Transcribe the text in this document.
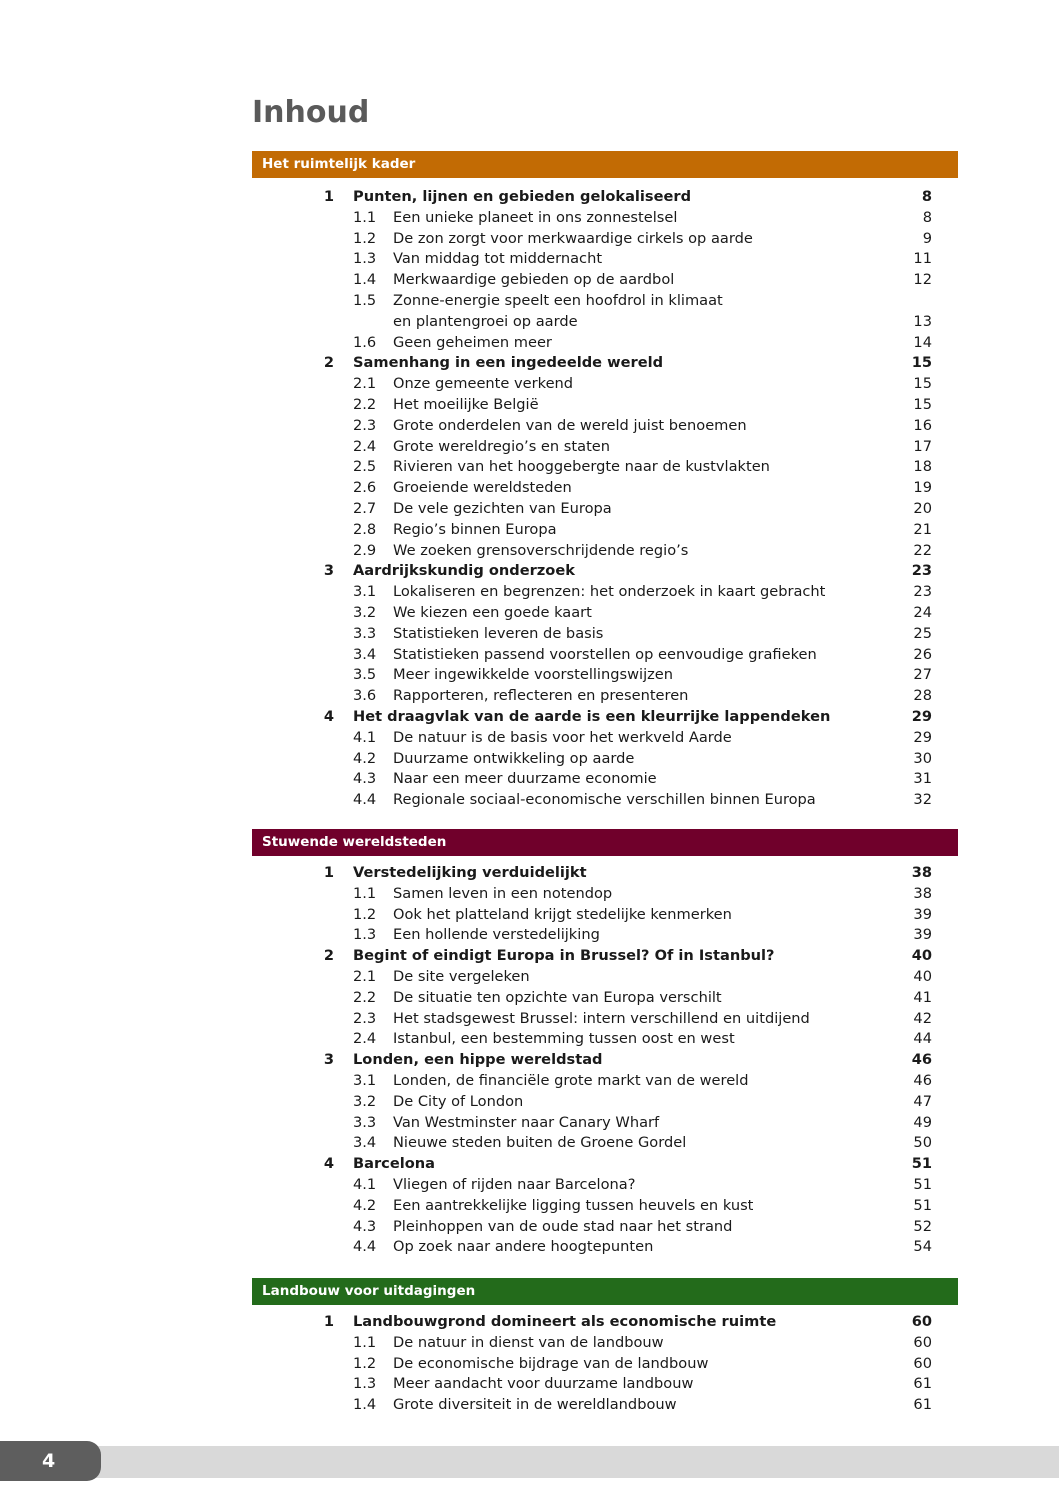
Inhoud
Het ruimtelijk kader
1 Punten, lijnen en gebieden gelokaliseerd	8
1.1 Een unieke planeet in ons zonnestelsel	8
1.2 De zon zorgt voor merkwaardige cirkels op aarde	9
1.3 Van middag tot middernacht	11
1.4 Merkwaardige gebieden op de aardbol	12
1.5 Zonne-energie speelt een hoofdrol in klimaat
en plantengroei op aarde	13
1.6 Geen geheimen meer	14
2 Samenhang in een ingedeelde wereld	15
2.1 Onze gemeente verkend	15
2.2 Het moeilijke België	15
2.3 Grote onderdelen van de wereld juist benoemen	16
2.4 Grote wereldregio’s en staten	17
2.5 Rivieren van het hooggebergte naar de kustvlakten	18
2.6 Groeiende wereldsteden	19
2.7 De vele gezichten van Europa	20
2.8 Regio’s binnen Europa	21
2.9 We zoeken grensoverschrijdende regio’s	22
3 Aardrijkskundig onderzoek	23
3.1 Lokaliseren en begrenzen: het onderzoek in kaart gebracht	23
3.2 We kiezen een goede kaart	24
3.3 Statistieken leveren de basis	25
3.4 Statistieken passend voorstellen op eenvoudige grafieken	26
3.5 Meer ingewikkelde voorstellingswijzen	27
3.6 Rapporteren, reflecteren en presenteren	28
4 Het draagvlak van de aarde is een kleurrijke lappendeken	29
4.1 De natuur is de basis voor het werkveld Aarde	29
4.2 Duurzame ontwikkeling op aarde	30
4.3 Naar een meer duurzame economie	31
4.4 Regionale sociaal-economische verschillen binnen Europa	32
Stuwende wereldsteden
1 Verstedelijking verduidelijkt	38
1.1 Samen leven in een notendop	38
1.2 Ook het platteland krijgt stedelijke kenmerken	39
1.3 Een hollende verstedelijking	39
2 Begint of eindigt Europa in Brussel? Of in Istanbul?	40
2.1 De site vergeleken	40
2.2 De situatie ten opzichte van Europa verschilt	41
2.3 Het stadsgewest Brussel: intern verschillend en uitdijend	42
2.4 Istanbul, een bestemming tussen oost en west	44
3 Londen, een hippe wereldstad	46
3.1 Londen, de financiële grote markt van de wereld	46
3.2 De City of London	47
3.3 Van Westminster naar Canary Wharf	49
3.4 Nieuwe steden buiten de Groene Gordel	50
4 Barcelona	51
4.1 Vliegen of rijden naar Barcelona?	51
4.2 Een aantrekkelijke ligging tussen heuvels en kust	51
4.3 Pleinhoppen van de oude stad naar het strand	52
4.4 Op zoek naar andere hoogtepunten	54
Landbouw voor uitdagingen
1 Landbouwgrond domineert als economische ruimte	60
1.1 De natuur in dienst van de landbouw	60
1.2 De economische bijdrage van de landbouw	60
1.3 Meer aandacht voor duurzame landbouw	61
1.4 Grote diversiteit in de wereldlandbouw	61
4
